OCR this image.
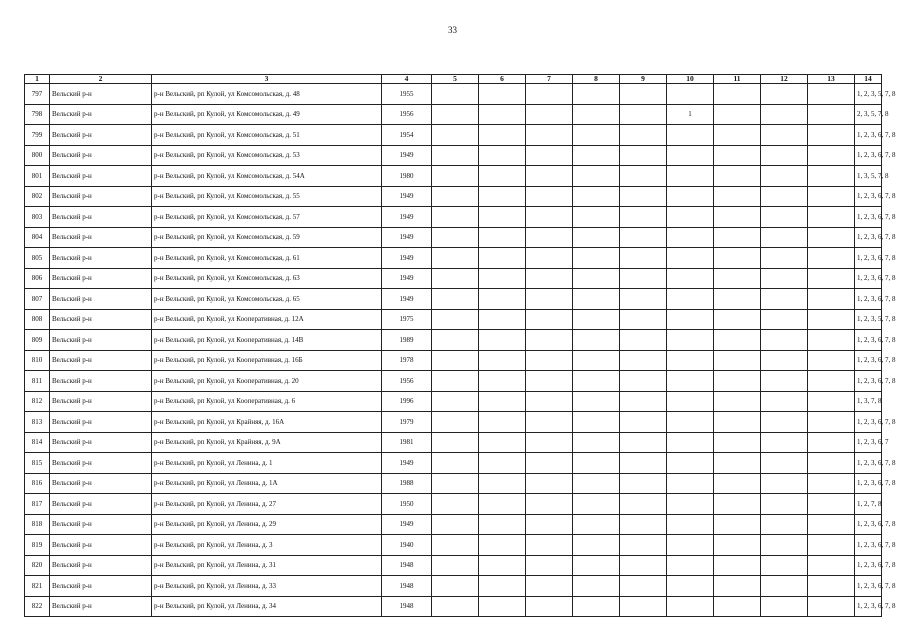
33
1	2	3	4	5	6	7	8	9	10	11	12	13	14
797	Вельский р-н	р-н Вельский, рп Кулой, ул Комсомольская, д. 48	1955										1, 2, 3, 5, 7, 8
798	Вельский р-н	р-н Вельский, рп Кулой, ул Комсомольская, д. 49	1956						1				2, 3, 5, 7, 8
799	Вельский р-н	р-н Вельский, рп Кулой, ул Комсомольская, д. 51	1954										1, 2, 3, 6, 7, 8
800	Вельский р-н	р-н Вельский, рп Кулой, ул Комсомольская, д. 53	1949										1, 2, 3, 6, 7, 8
801	Вельский р-н	р-н Вельский, рп Кулой, ул Комсомольская, д. 54А	1980										1, 3, 5, 7, 8
802	Вельский р-н	р-н Вельский, рп Кулой, ул Комсомольская, д. 55	1949										1, 2, 3, 6, 7, 8
803	Вельский р-н	р-н Вельский, рп Кулой, ул Комсомольская, д. 57	1949										1, 2, 3, 6, 7, 8
804	Вельский р-н	р-н Вельский, рп Кулой, ул Комсомольская, д. 59	1949										1, 2, 3, 6, 7, 8
805	Вельский р-н	р-н Вельский, рп Кулой, ул Комсомольская, д. 61	1949										1, 2, 3, 6, 7, 8
806	Вельский р-н	р-н Вельский, рп Кулой, ул Комсомольская, д. 63	1949										1, 2, 3, 6, 7, 8
807	Вельский р-н	р-н Вельский, рп Кулой, ул Комсомольская, д. 65	1949										1, 2, 3, 6, 7, 8
808	Вельский р-н	р-н Вельский, рп Кулой, ул Кооперативная, д. 12А	1975										1, 2, 3, 5, 7, 8
809	Вельский р-н	р-н Вельский, рп Кулой, ул Кооперативная, д. 14В	1989										1, 2, 3, 6, 7, 8
810	Вельский р-н	р-н Вельский, рп Кулой, ул Кооперативная, д. 16Б	1978										1, 2, 3, 6, 7, 8
811	Вельский р-н	р-н Вельский, рп Кулой, ул Кооперативная, д. 20	1956										1, 2, 3, 6, 7, 8
812	Вельский р-н	р-н Вельский, рп Кулой, ул Кооперативная, д. 6	1996										1, 3, 7, 8
813	Вельский р-н	р-н Вельский, рп Кулой, ул Крайняя, д. 16А	1979										1, 2, 3, 6, 7, 8
814	Вельский р-н	р-н Вельский, рп Кулой, ул Крайняя, д. 9А	1981										1, 2, 3, 6, 7
815	Вельский р-н	р-н Вельский, рп Кулой, ул Ленина, д. 1	1949										1, 2, 3, 6, 7, 8
816	Вельский р-н	р-н Вельский, рп Кулой, ул Ленина, д. 1А	1988										1, 2, 3, 6, 7, 8
817	Вельский р-н	р-н Вельский, рп Кулой, ул Ленина, д. 27	1950										1, 2, 7, 8
818	Вельский р-н	р-н Вельский, рп Кулой, ул Ленина, д. 29	1949										1, 2, 3, 6, 7, 8
819	Вельский р-н	р-н Вельский, рп Кулой, ул Ленина, д. 3	1940										1, 2, 3, 6, 7, 8
820	Вельский р-н	р-н Вельский, рп Кулой, ул Ленина, д. 31	1948										1, 2, 3, 6, 7, 8
821	Вельский р-н	р-н Вельский, рп Кулой, ул Ленина, д. 33	1948										1, 2, 3, 6, 7, 8
822	Вельский р-н	р-н Вельский, рп Кулой, ул Ленина, д. 34	1948										1, 2, 3, 6, 7, 8
